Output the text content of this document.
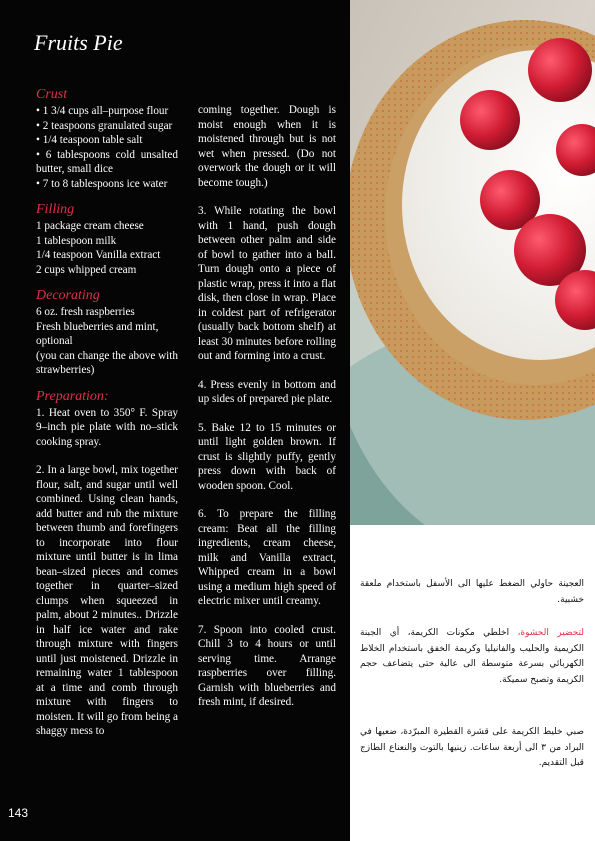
Fruits Pie
Crust

• 1 3/4 cups all–purpose flour

• 2 teaspoons granulated sugar

• 1/4 teaspoon table salt

• 6 tablespoons cold unsalted butter, small dice

• 7 to 8 tablespoons ice water

Filling

1 package cream cheese

1 tablespoon milk

1/4 teaspoon Vanilla extract

2 cups whipped cream

Decorating

6 oz. fresh raspberries

Fresh blueberries and mint, optional

(you can change the above with strawberries)

Preparation:

1. Heat oven to 350° F. Spray 9–inch pie plate with no–stick cooking spray.

2. In a large bowl, mix together flour, salt, and sugar until well combined. Using clean hands, add butter and rub the mixture between thumb and forefingers to incorporate into flour mixture until butter is in lima bean–sized pieces and comes together in quarter–sized clumps when squeezed in palm, about 2 minutes.. Drizzle in half ice water and rake through mixture with fingers until just moistened. Drizzle in remaining water 1 tablespoon at a time and comb through mixture with fingers to moisten. It will go from being a shaggy mess to

coming together. Dough is moist enough when it is moistened through but is not wet when pressed. (Do not overwork the dough or it will become tough.)

3. While rotating the bowl with 1 hand, push dough between other palm and side of bowl to gather into a ball. Turn dough onto a piece of plastic wrap, press it into a flat disk, then close in wrap. Place in coldest part of refrigerator (usually back bottom shelf) at least 30 minutes before rolling out and forming into a crust.

4. Press evenly in bottom and up sides of prepared pie plate.

5. Bake 12 to 15 minutes or until light golden brown. If crust is slightly puffy, gently press down with back of wooden spoon. Cool.

6. To prepare the filling cream: Beat all the filling ingredients, cream cheese, milk and Vanilla extract, Whipped cream in a bowl using a medium high speed of electric mixer until creamy.

7. Spoon into cooled crust. Chill 3 to 4 hours or until serving time. Arrange raspberries over filling. Garnish with blueberries and fresh mint, if desired.

143

العجينة حاولي الضغط عليها الى الأسفل باستخدام ملعقة خشبية.

لتحضير الحشوة، اخلطي مكونات الكريمة، أي الجبنة الكريمية والحليب والفانيليا وكريمة الخفق باستخدام الخلاط الكهربائي بسرعة متوسطة الى عالية حتى يتضاعف حجم الكريمة وتصبح سميكة.

صبي خليط الكريمة على قشرة القطيرة المبرّدة، ضعيها في البراد من ٣ الى أربعة ساعات. زينيها بالتوت والنعناع الطازج قبل التقديم.
